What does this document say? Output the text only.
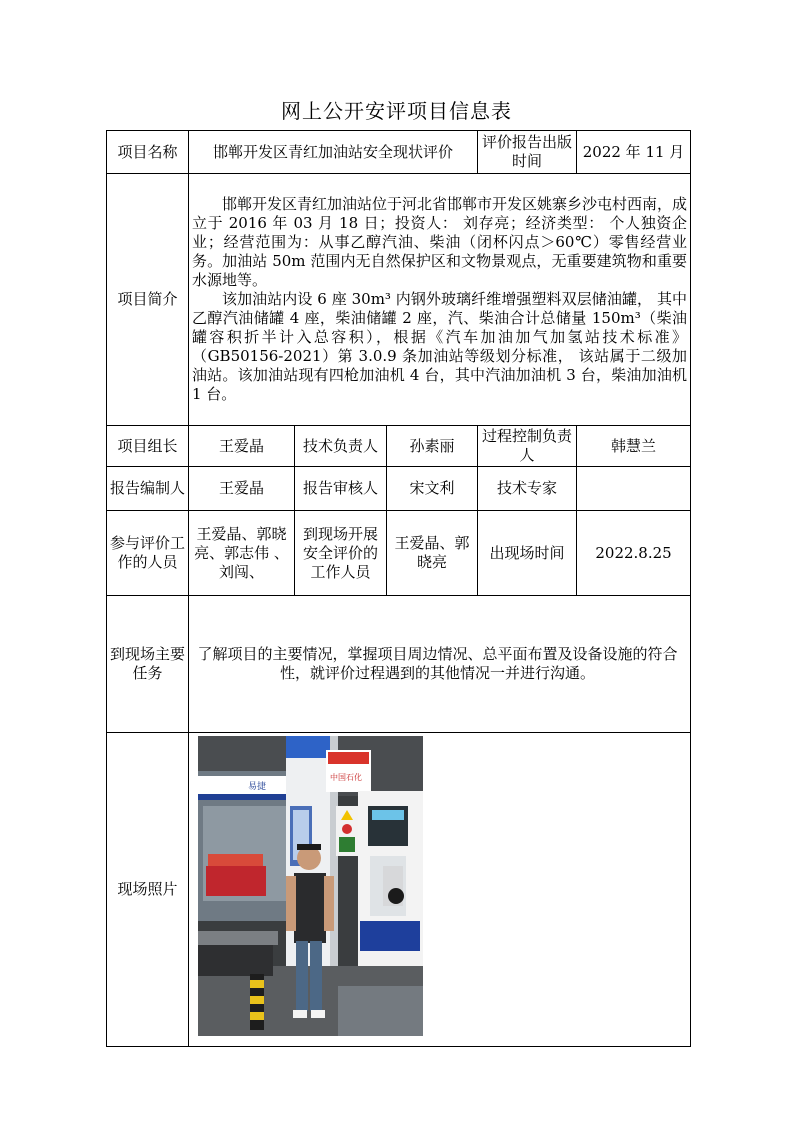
网上公开安评项目信息表
项目名称	邯郸开发区青红加油站安全现状评价			评价报告出版时间	2022 年 11 月
项目简介	邯郸开发区青红加油站位于河北省邯郸市开发区姚寨乡沙屯村西南，成立于 2016 年 03 月 18 日；投资人： 刘存亮；经济类型： 个人独资企业；经营范围为：从事乙醇汽油、柴油（闭杯闪点＞60℃）零售经营业务。加油站 50m 范围内无自然保护区和文物景观点，无重要建筑物和重要水源地等。

该加油站内设 6 座 30m³ 内钢外玻璃纤维增强塑料双层储油罐， 其中乙醇汽油储罐 4 座，柴油储罐 2 座，汽、柴油合计总储量 150m³（柴油罐容积折半计入总容积），根据《汽车加油加气加氢站技术标准》（GB50156-2021）第 3.0.9 条加油站等级划分标准， 该站属于二级加油站。该加油站现有四枪加油机 4 台，其中汽油加油机 3 台，柴油加油机 1 台。				

项目组长	王爱晶	技术负责人	孙素丽	过程控制负责人	韩慧兰
报告编制人	王爱晶	报告审核人	宋文利	技术专家	
参与评价工作的人员	王爱晶、郭晓亮、郭志伟 、刘闯、	到现场开展安全评价的工作人员	王爱晶、郭晓亮	出现场时间	2022.8.25
到现场主要任务	了解项目的主要情况，掌握项目周边情况、总平面布置及设备设施的符合性，就评价过程遇到的其他情况一并进行沟通。				
现场照片					
易捷
中国石化
